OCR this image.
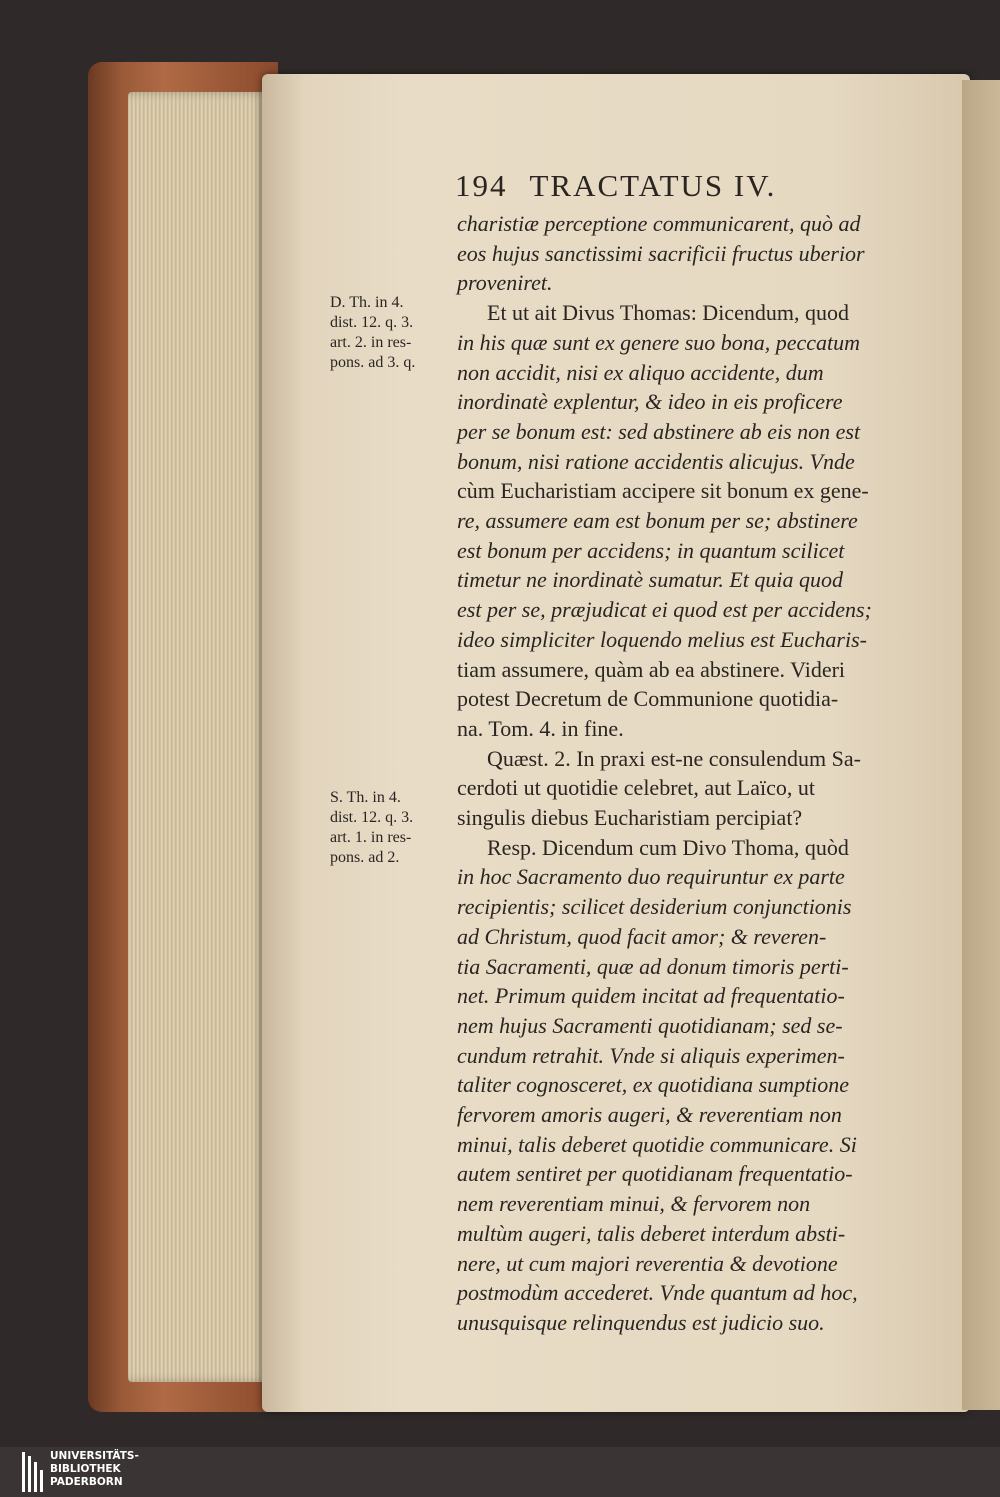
194 TRACTATUS IV.
charistiæ perceptione communicarent, quò ad
eos hujus sanctissimi sacrificii fructus uberior
proveniret.
Et ut ait Divus Thomas: Dicendum, quod
in his quæ sunt ex genere suo bona, peccatum
non accidit, nisi ex aliquo accidente, dum
inordinatè explentur, & ideo in eis proficere
per se bonum est: sed abstinere ab eis non est
bonum, nisi ratione accidentis alicujus. Vnde
cùm Eucharistiam accipere sit bonum ex gene-
re, assumere eam est bonum per se; abstinere
est bonum per accidens; in quantum scilicet
timetur ne inordinatè sumatur. Et quia quod
est per se, præjudicat ei quod est per accidens;
ideo simpliciter loquendo melius est Eucharis-
tiam assumere, quàm ab ea abstinere. Videri
potest Decretum de Communione quotidia-
na. Tom. 4. in fine.
Quæst. 2. In praxi est-ne consulendum Sa-
cerdoti ut quotidie celebret, aut Laïco, ut
singulis diebus Eucharistiam percipiat?
Resp. Dicendum cum Divo Thoma, quòd
in hoc Sacramento duo requiruntur ex parte
recipientis; scilicet desiderium conjunctionis
ad Christum, quod facit amor; & reveren-
tia Sacramenti, quæ ad donum timoris perti-
net. Primum quidem incitat ad frequentatio-
nem hujus Sacramenti quotidianam; sed se-
cundum retrahit. Vnde si aliquis experimen-
taliter cognosceret, ex quotidiana sumptione
fervorem amoris augeri, & reverentiam non
minui, talis deberet quotidie communicare. Si
autem sentiret per quotidianam frequentatio-
nem reverentiam minui, & fervorem non
multùm augeri, talis deberet interdum absti-
nere, ut cum majori reverentia & devotione
postmodùm accederet. Vnde quantum ad hoc,
unusquisque relinquendus est judicio suo.
D. Th. in 4.
dist. 12. q. 3.
art. 2. in res-
pons. ad 3. q.
S. Th. in 4.
dist. 12. q. 3.
art. 1. in res-
pons. ad 2.
UNIVERSITÄTS-
BIBLIOTHEK
PADERBORN
